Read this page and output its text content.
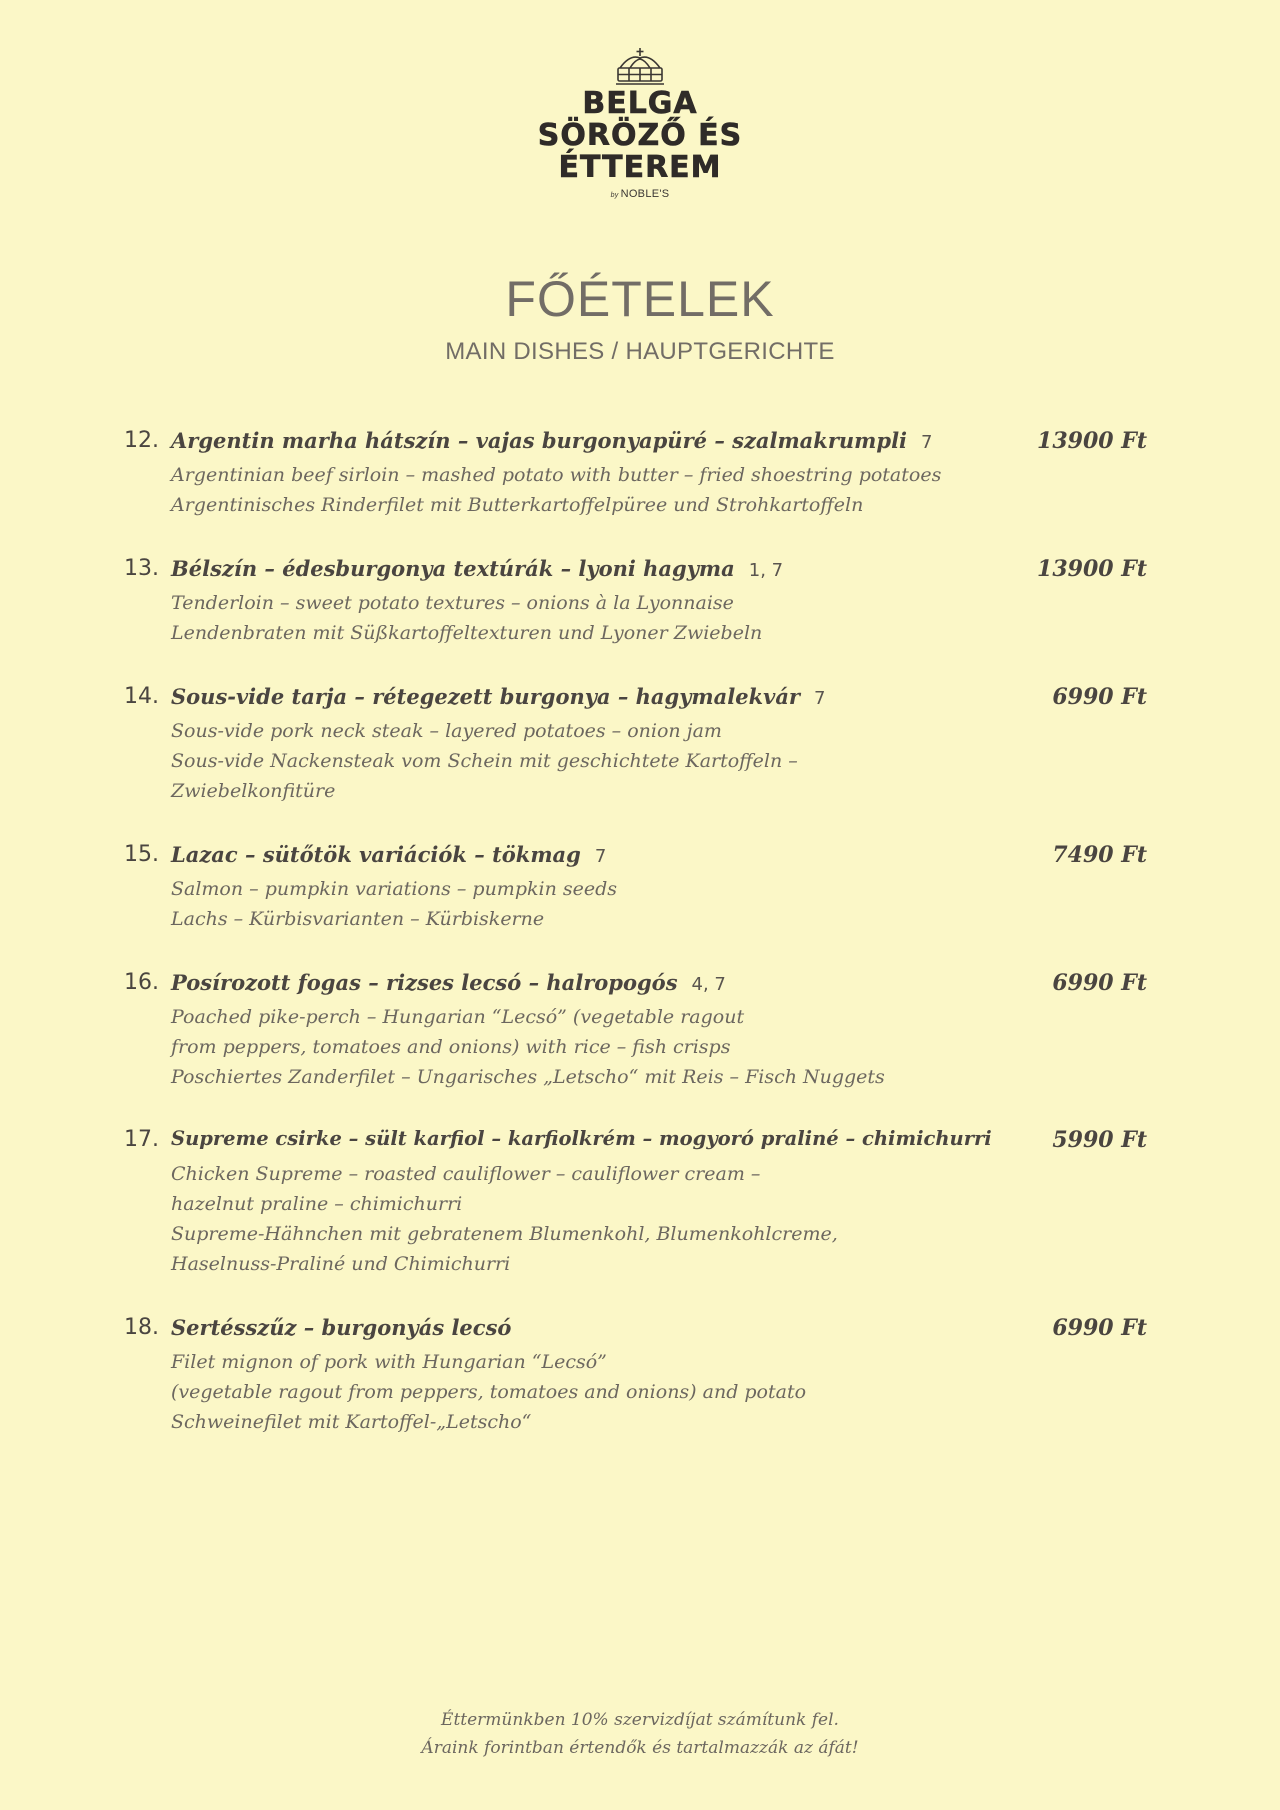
BELGA
SÖRÖZŐ ÉS
ÉTTEREM
by NOBLE'S
FŐÉTELEK
MAIN DISHES / HAUPTGERICHTE
12. Argentin marha hátszín – vajas burgonyapüré – szalmakrumpli 7	13900 Ft
Argentinian beef sirloin – mashed potato with butter – fried shoestring potatoes
Argentinisches Rinderfilet mit Butterkartoffelpüree und Strohkartoffeln
13. Bélszín – édesburgonya textúrák – lyoni hagyma 1, 7	13900 Ft
Tenderloin – sweet potato textures – onions à la Lyonnaise
Lendenbraten mit Süßkartoffeltexturen und Lyoner Zwiebeln
14. Sous-vide tarja – rétegezett burgonya – hagymalekvár 7	6990 Ft
Sous-vide pork neck steak – layered potatoes – onion jam
Sous-vide Nackensteak vom Schein mit geschichtete Kartoffeln –
Zwiebelkonfitüre
15. Lazac – sütőtök variációk – tökmag 7	7490 Ft
Salmon – pumpkin variations – pumpkin seeds
Lachs – Kürbisvarianten – Kürbiskerne
16. Posírozott fogas – rizses lecsó – halropogós 4, 7	6990 Ft
Poached pike-perch – Hungarian “Lecsó” (vegetable ragout
from peppers, tomatoes and onions) with rice – fish crisps
Poschiertes Zanderfilet – Ungarisches „Letscho“ mit Reis – Fisch Nuggets
17. Supreme csirke – sült karfiol – karfiolkrém – mogyoró praliné – chimichurri	5990 Ft
Chicken Supreme – roasted cauliflower – cauliflower cream –
hazelnut praline – chimichurri
Supreme-Hähnchen mit gebratenem Blumenkohl, Blumenkohlcreme,
Haselnuss-Praliné und Chimichurri
18. Sertésszűz – burgonyás lecsó	6990 Ft
Filet mignon of pork with Hungarian “Lecsó”
(vegetable ragout from peppers, tomatoes and onions) and potato
Schweinefilet mit Kartoffel-„Letscho“
Éttermünkben 10% szervizdíjat számítunk fel.
Áraink forintban értendők és tartalmazzák az áfát!
